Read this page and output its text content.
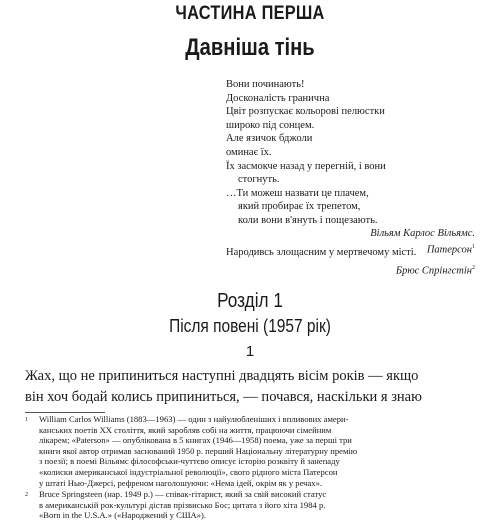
ЧАСТИНА ПЕРША
Давніша тінь
Вони починають!
Досконалість гранична
Цвіт розпускає кольорові пелюстки
широко під сонцем.
Але язичок бджоли
оминає їх.
Їх засмокче назад у перегній, і вони
стогнуть.
…Ти можеш назвати це плачем,
який пробирає їх трепетом,
коли вони в'януть і пощезають.
Вільям Карлос Вільямс.
Патерсон$^1$
Народивсь злощасним у мертвечому місті.
Брюс Спрінгстін$^2$
Розділ 1
Після повені (1957 рік)
1
Жах, що не припиниться наступні двадцять вісім років — якщо
він хоч бодай колись припиниться, — почався, наскільки я знаю
1	William Carlos Williams (1883—1963) — один з найулюбленіших і впливових амери-
канських поетів XX століття, який заробляв собі на життя, працюючи сімейним
лікарем; «Paterson» — опублікована в 5 книгах (1946—1958) поема, уже за перші три
книги якої автор отримав заснований 1950 р. перший Національну літературну премію
з поезії; в поемі Вільямс філософськи-чуттєво описує історію розквіту й занепаду
«колиски американської індустріальної революції», свого рідного міста Патерсон
у штаті Нью-Джерсі, рефреном наголошуючи: «Нема ідей, окрім як у речах».
2	Bruce Springsteen (нар. 1949 р.) — співак-гітарист, який за свій високий статус
в американській рок-культурі дістав прізвисько Бос; цитата з його хіта 1984 р.
«Born in the U.S.A.» («Народжений у США»).
